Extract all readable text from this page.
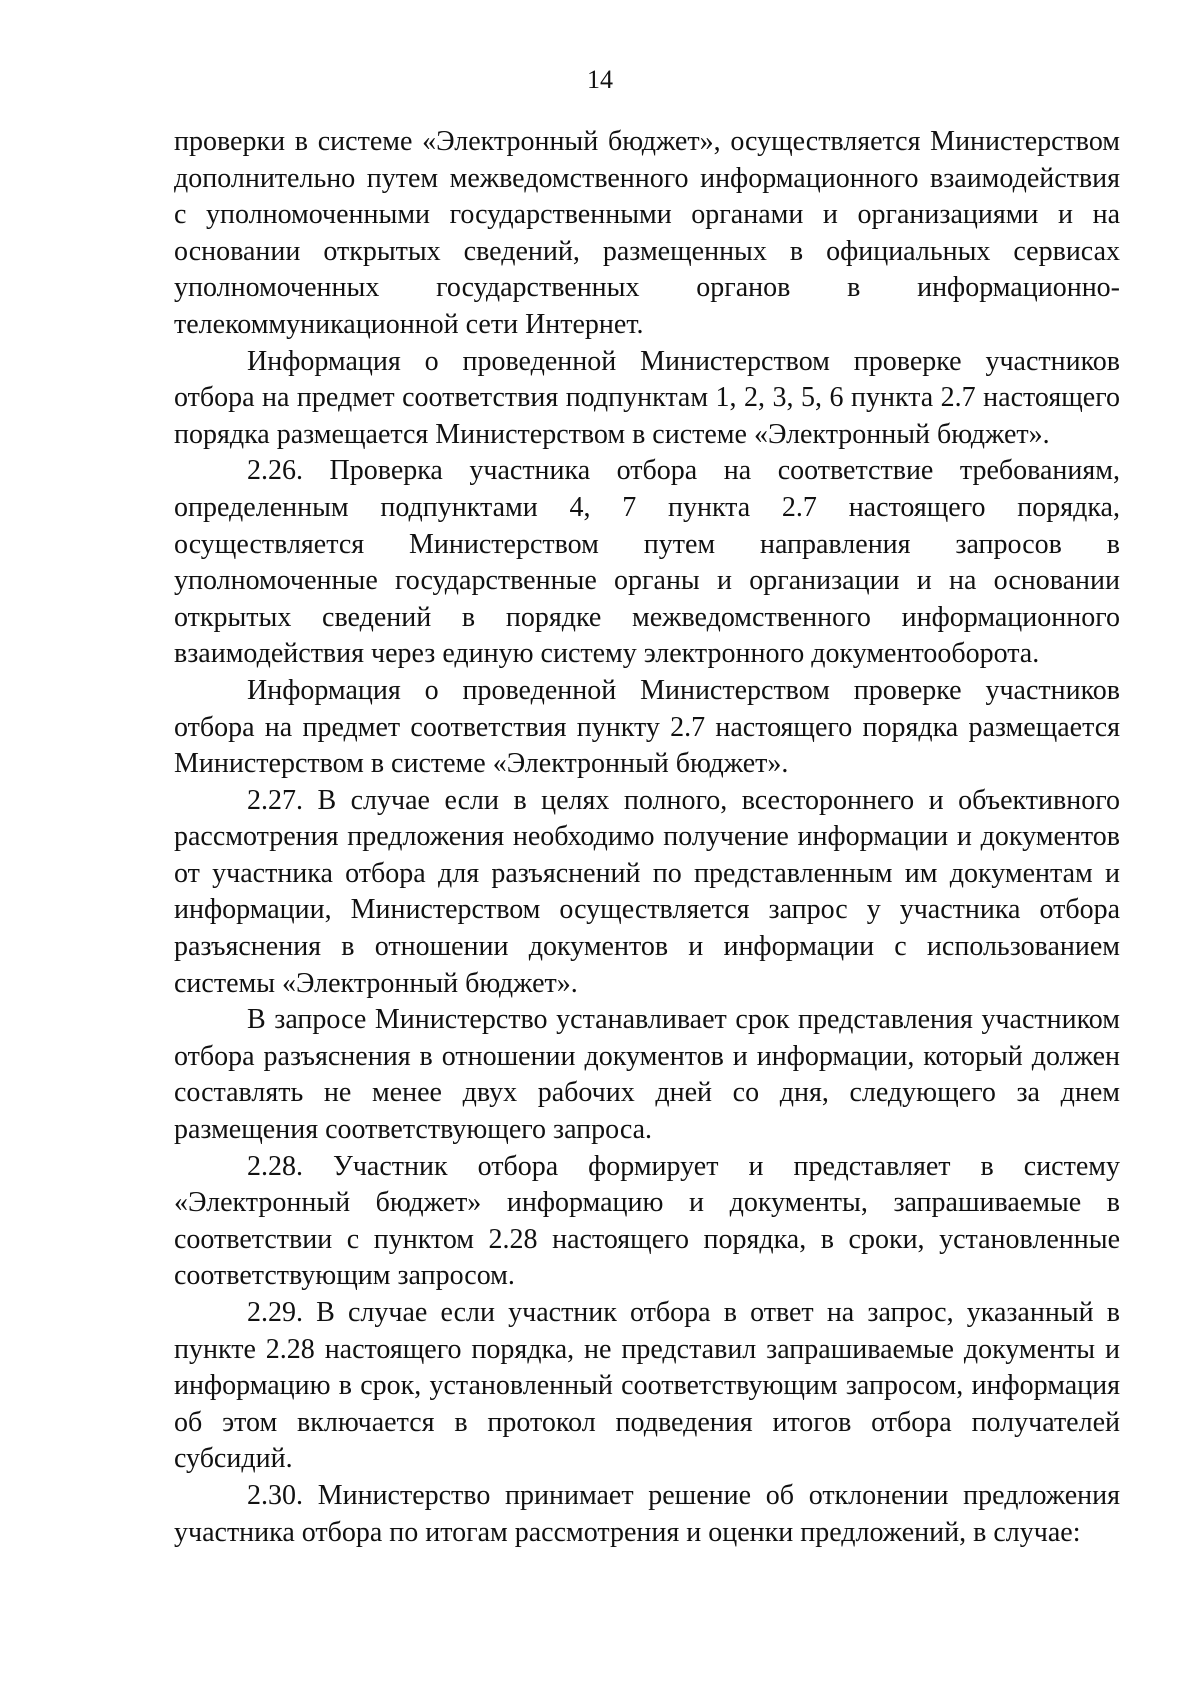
14

проверки в системе «Электронный бюджет», осуществляется Министерством дополнительно путем межведомственного информационного взаимодействия с уполномоченными государственными органами и организациями и на основании открытых сведений, размещенных в официальных сервисах уполномоченных государственных органов в информационно-телекоммуникационной сети Интернет.

Информация о проведенной Министерством проверке участников отбора на предмет соответствия подпунктам 1, 2, 3, 5, 6 пункта 2.7 настоящего порядка размещается Министерством в системе «Электронный бюджет».

2.26. Проверка участника отбора на соответствие требованиям, определенным подпунктами 4, 7 пункта 2.7 настоящего порядка, осуществляется Министерством путем направления запросов в уполномоченные государственные органы и организации и на основании открытых сведений в порядке межведомственного информационного взаимодействия через единую систему электронного документооборота.

Информация о проведенной Министерством проверке участников отбора на предмет соответствия пункту 2.7 настоящего порядка размещается Министерством в системе «Электронный бюджет».

2.27. В случае если в целях полного, всестороннего и объективного рассмотрения предложения необходимо получение информации и документов от участника отбора для разъяснений по представленным им документам и информации, Министерством осуществляется запрос у участника отбора разъяснения в отношении документов и информации с использованием системы «Электронный бюджет».

В запросе Министерство устанавливает срок представления участником отбора разъяснения в отношении документов и информации, который должен составлять не менее двух рабочих дней со дня, следующего за днем размещения соответствующего запроса.

2.28. Участник отбора формирует и представляет в систему «Электронный бюджет» информацию и документы, запрашиваемые в соответствии с пунктом 2.28 настоящего порядка, в сроки, установленные соответствующим запросом.

2.29. В случае если участник отбора в ответ на запрос, указанный в пункте 2.28 настоящего порядка, не представил запрашиваемые документы и информацию в срок, установленный соответствующим запросом, информация об этом включается в протокол подведения итогов отбора получателей субсидий.

2.30. Министерство принимает решение об отклонении предложения участника отбора по итогам рассмотрения и оценки предложений, в случае:
